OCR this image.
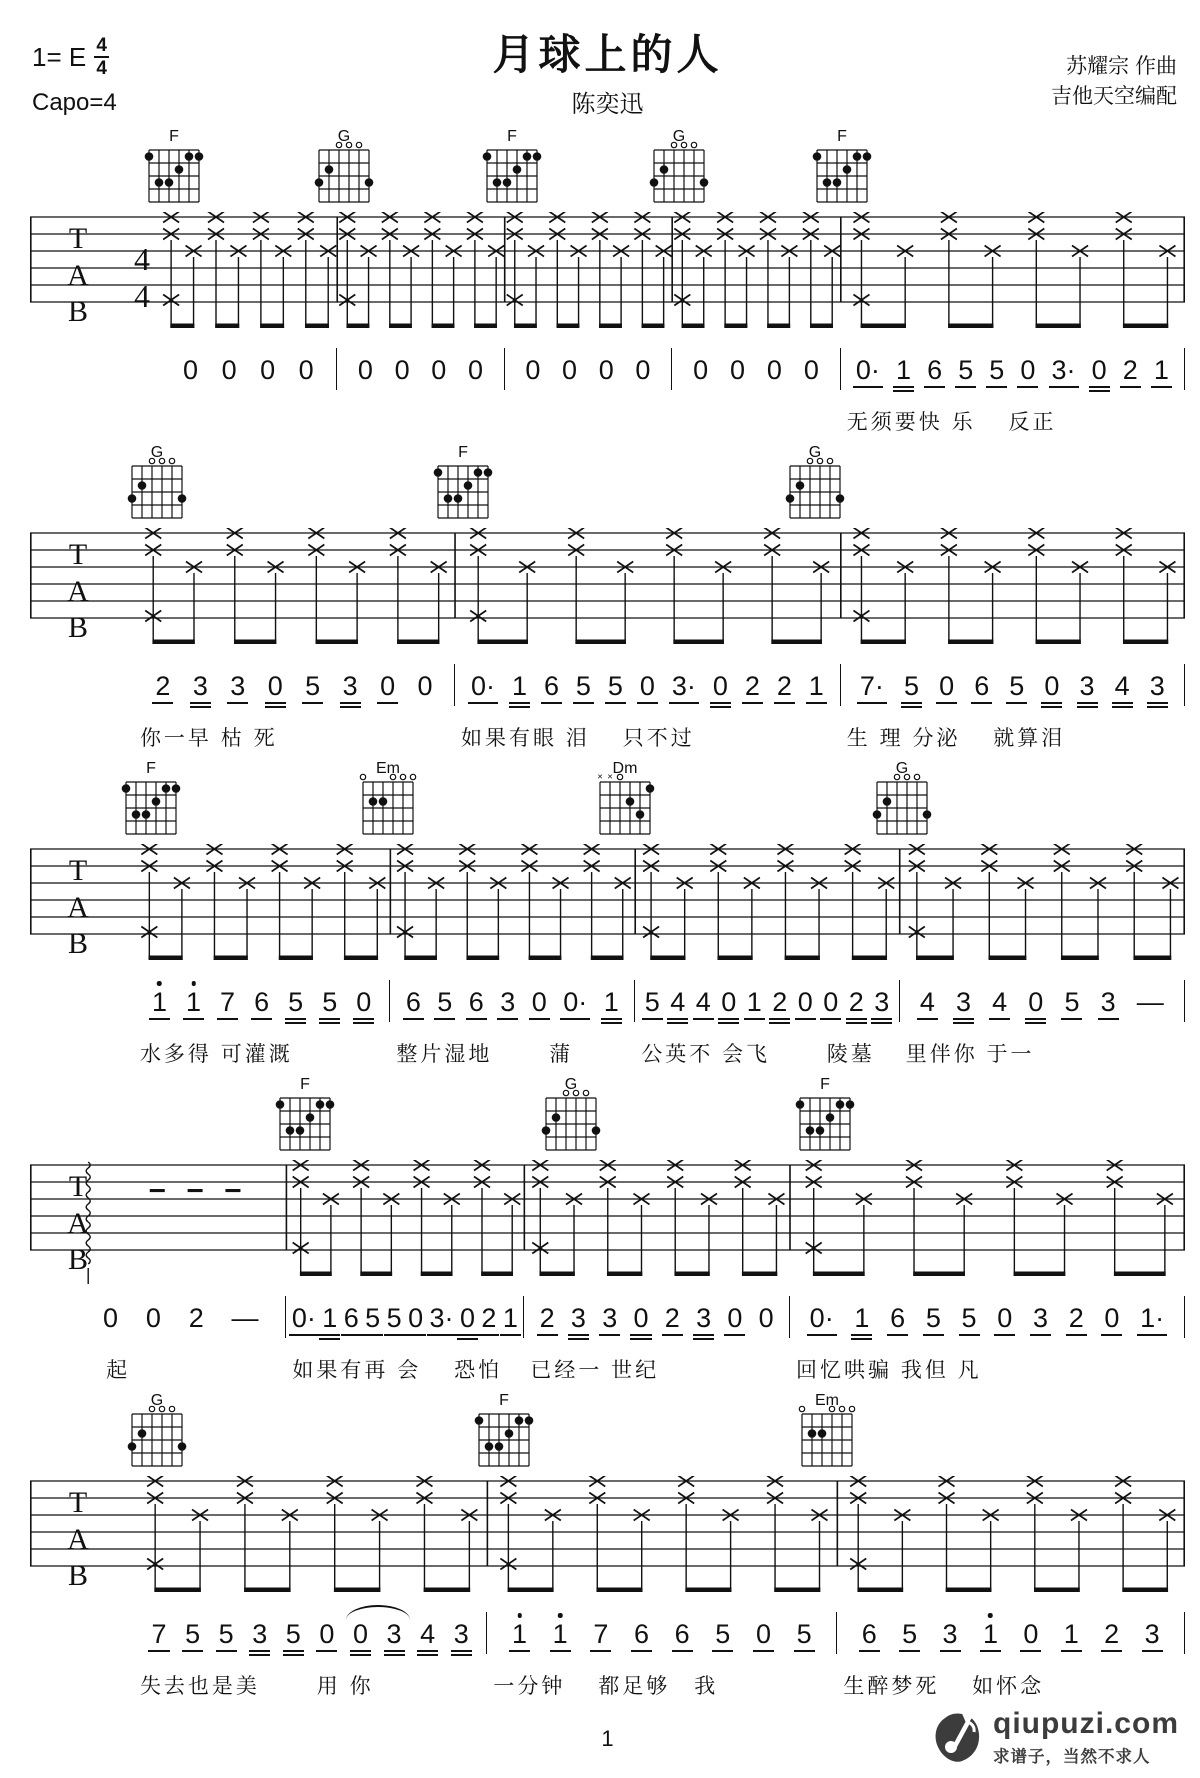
1= E $\frac{4}{4}$
Capo=4
月球上的人
陈奕迅
苏耀宗 作曲
吉他天空编配
F	G	F	G	F
T
A
B
4
4
0 0 0 0 0 0 0 0 0 0 0 0 0 0 0 0 0· 1 6 5 5 0 3· 0 2 1
无须要快 乐　 反正
G	F	G
T
A
B
2 3 3 0 5 3 0 0 0· 1 6 5 5 0 3· 0 2 2 1 7· 5 0 6 5 0 3 4 3
你一早 枯 死	如果有眼 泪　 只不过	生 理 分泌　 就算泪
F	Em	Dm
× ×	G
T
A
B
1 1 7 6 5 5 0 6 5 6 3 0 0· 1 5 4 4 0 1 2 0 0 2 3 4 3 4 0 5 3 —
水多得 可灌溉	整片湿地　　 蒲	公英不 会飞　　 陵墓	里伴你 于一
F	G	F
T
A
B
0 0 2 — 0· 1 6 5 5 0 3· 0 2 1 2 3 3 0 2 3 0 0 0· 1 6 5 5 0 3 2 0 1·
　起	如果有再 会　 恐怕	已经一 世纪	回忆哄骗 我但 凡
G	F	Em
T
A
B
7 5 5 3 5 0 0 3 4 3 1 1 7 6 6 5 0 5 6 5 3 1 0 1 2 3
失去也是美　　 用 你	一分钟　 都足够　我	生醉梦死　 如怀念
1	qiupuzi.com
求谱子，当然不求人
